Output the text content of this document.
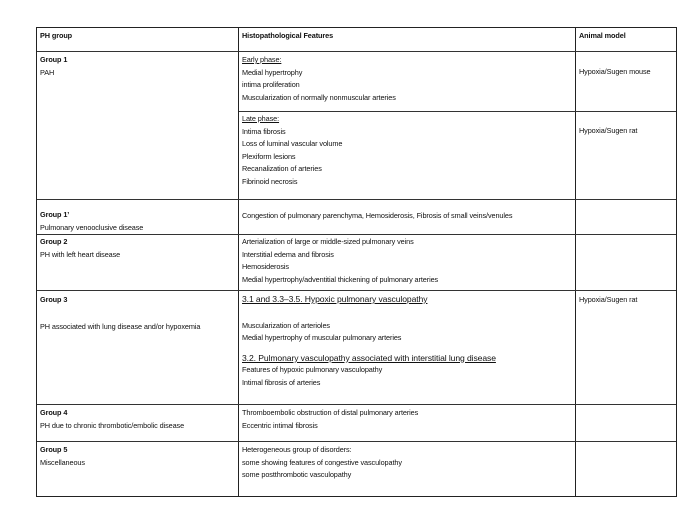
PH group	Histopathological Features	Animal model
Group 1
PAH
Early phase:
Medial hypertrophy
intima proliferation
Muscularization of normally nonmuscular arteries
Hypoxia/Sugen mouse
Late phase:
Intima fibrosis
Loss of luminal vascular volume
Plexiform lesions
Recanalization of arteries
Fibrinoid necrosis
Hypoxia/Sugen rat
Group 1’
Pulmonary venooclusive disease
Congestion of pulmonary parenchyma, Hemosiderosis, Fibrosis of small veins/venules
Group 2
PH with left heart disease
Arterialization of large or middle-sized pulmonary veins
Interstitial edema and fibrosis
Hemosiderosis
Medial hypertrophy/adventitial thickening of pulmonary arteries
Group 3
PH associated with lung disease and/or hypoxemia
3.1 and 3.3–3.5. Hypoxic pulmonary vasculopathy
Muscularization of arterioles
Medial hypertrophy of muscular pulmonary arteries
3.2. Pulmonary vasculopathy associated with interstitial lung disease
Features of hypoxic pulmonary vasculopathy
Intimal fibrosis of arteries
Hypoxia/Sugen rat
Group 4
PH due to chronic thrombotic/embolic disease
Thromboembolic obstruction of distal pulmonary arteries
Eccentric intimal fibrosis
Group 5
Miscellaneous
Heterogeneous group of disorders:
some showing features of congestive vasculopathy
some postthrombotic vasculopathy
